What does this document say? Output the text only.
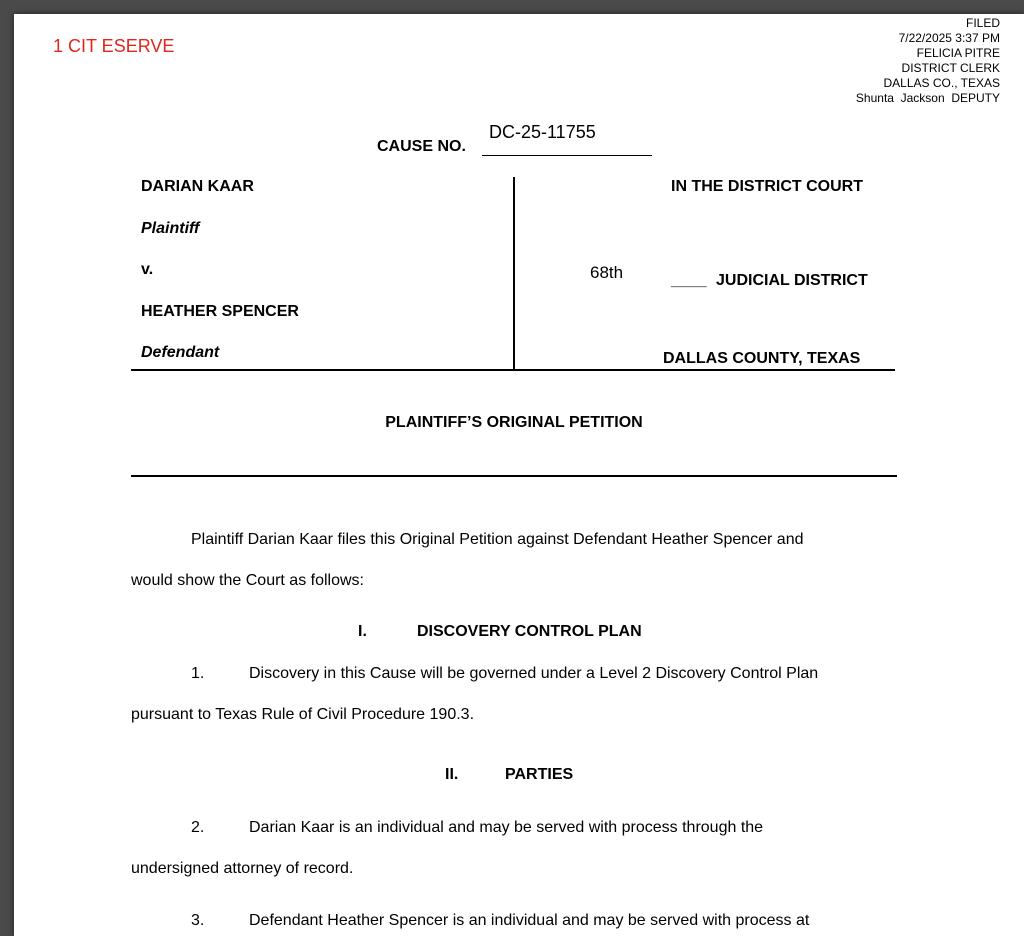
1 CIT ESERVE
FILED
7/22/2025 3:37 PM
FELICIA PITRE
DISTRICT CLERK
DALLAS CO., TEXAS
Shunta  Jackson  DEPUTY
CAUSE NO.
DC-25-11755
DARIAN KAAR
Plaintiff
v.
HEATHER SPENCER
Defendant
IN THE DISTRICT COURT
68th	____ JUDICIAL DISTRICT
DALLAS COUNTY, TEXAS
PLAINTIFF’S ORIGINAL PETITION

Plaintiff Darian Kaar files this Original Petition against Defendant Heather Spencer and

would show the Court as follows:

I.	DISCOVERY CONTROL PLAN

1.	Discovery in this Cause will be governed under a Level 2 Discovery Control Plan

pursuant to Texas Rule of Civil Procedure 190.3.

II.	PARTIES

2.	Darian Kaar is an individual and may be served with process through the

undersigned attorney of record.

3.	Defendant Heather Spencer is an individual and may be served with process at
